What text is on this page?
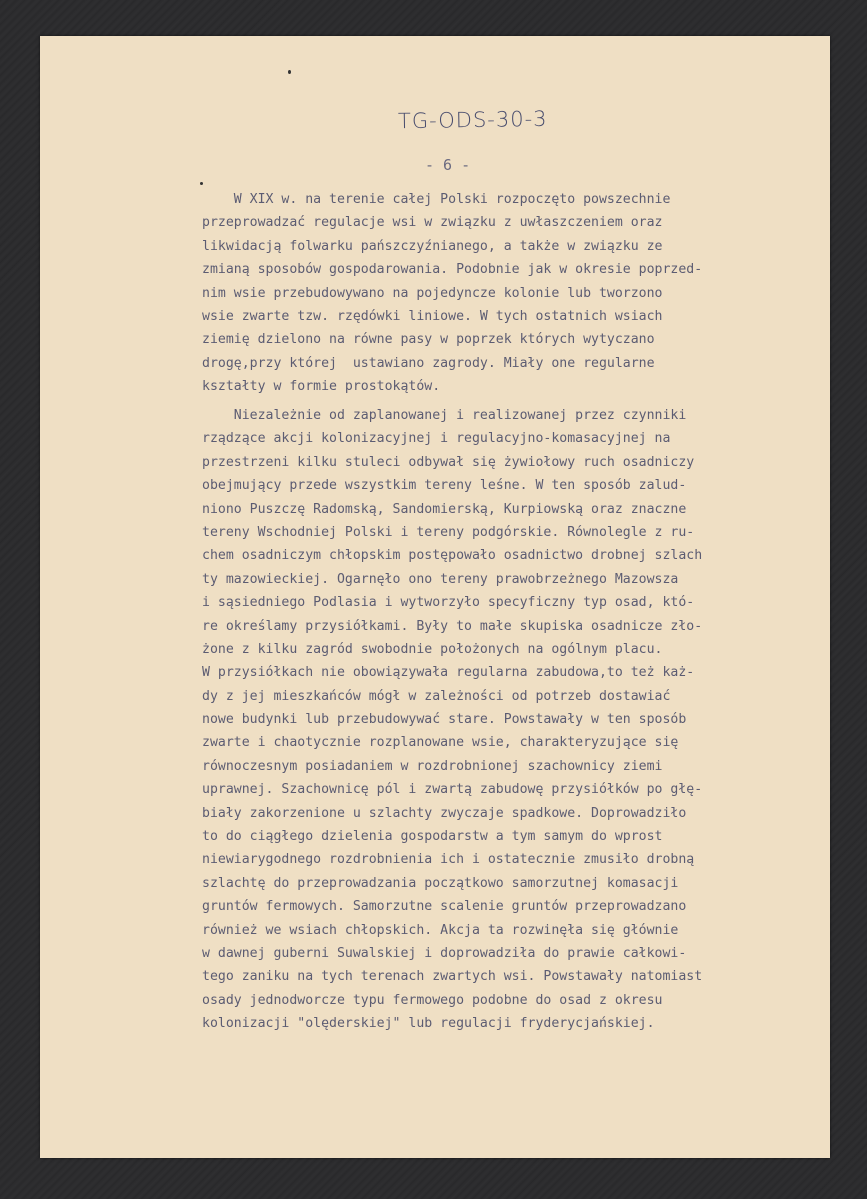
TG-ODS-30-3
- 6 -
W XIX w. na terenie całej Polski rozpoczęto powszechnie
przeprowadzać regulacje wsi w związku z uwłaszczeniem oraz
likwidacją folwarku pańszczyźnianego, a także w związku ze
zmianą sposobów gospodarowania. Podobnie jak w okresie poprzed-
nim wsie przebudowywano na pojedyncze kolonie lub tworzono
wsie zwarte tzw. rzędówki liniowe. W tych ostatnich wsiach
ziemię dzielono na równe pasy w poprzek których wytyczano
drogę,przy której  ustawiano zagrody. Miały one regularne
kształty w formie prostokątów.
Niezależnie od zaplanowanej i realizowanej przez czynniki
rządzące akcji kolonizacyjnej i regulacyjno-komasacyjnej na
przestrzeni kilku stuleci odbywał się żywiołowy ruch osadniczy
obejmujący przede wszystkim tereny leśne. W ten sposób zalud-
niono Puszczę Radomską, Sandomierską, Kurpiowską oraz znaczne
tereny Wschodniej Polski i tereny podgórskie. Równolegle z ru-
chem osadniczym chłopskim postępowało osadnictwo drobnej szlach
ty mazowieckiej. Ogarnęło ono tereny prawobrzeżnego Mazowsza
i sąsiedniego Podlasia i wytworzyło specyficzny typ osad, któ-
re określamy przysiółkami. Były to małe skupiska osadnicze zło-
żone z kilku zagród swobodnie położonych na ogólnym placu.
W przysiółkach nie obowiązywała regularna zabudowa,to też każ-
dy z jej mieszkańców mógł w zależności od potrzeb dostawiać
nowe budynki lub przebudowywać stare. Powstawały w ten sposób
zwarte i chaotycznie rozplanowane wsie, charakteryzujące się
równoczesnym posiadaniem w rozdrobnionej szachownicy ziemi
uprawnej. Szachownicę pól i zwartą zabudowę przysiółków po głę-
biały zakorzenione u szlachty zwyczaje spadkowe. Doprowadziło
to do ciągłego dzielenia gospodarstw a tym samym do wprost
niewiarygodnego rozdrobnienia ich i ostatecznie zmusiło drobną
szlachtę do przeprowadzania początkowo samorzutnej komasacji
gruntów fermowych. Samorzutne scalenie gruntów przeprowadzano
również we wsiach chłopskich. Akcja ta rozwinęła się głównie
w dawnej guberni Suwalskiej i doprowadziła do prawie całkowi-
tego zaniku na tych terenach zwartych wsi. Powstawały natomiast
osady jednodworcze typu fermowego podobne do osad z okresu
kolonizacji "olęderskiej" lub regulacji fryderycjańskiej.
